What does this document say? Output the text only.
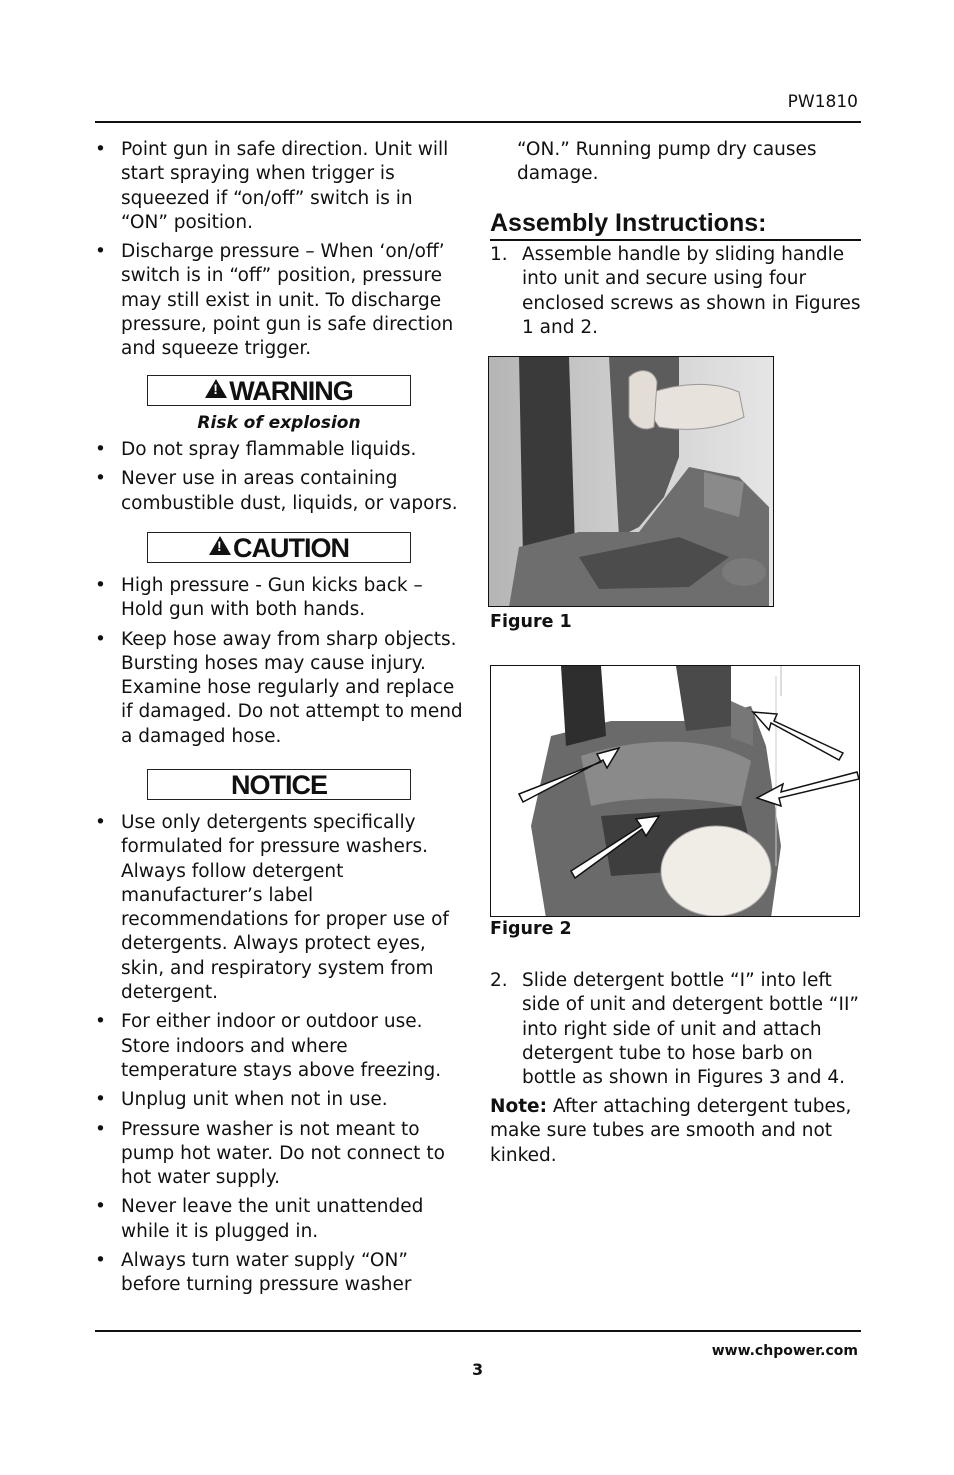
PW1810
• Point gun in safe direction. Unit will start spraying when trigger is squeezed if “on/off” switch is in “ON” position.
• Discharge pressure – When ‘on/off’ switch is in “off” position, pressure may still exist in unit. To discharge pressure, point gun is safe direction and squeeze trigger.
! WARNING
Risk of explosion
• Do not spray flammable liquids.
• Never use in areas containing combustible dust, liquids, or vapors.
! CAUTION
• High pressure - Gun kicks back – Hold gun with both hands.
• Keep hose away from sharp objects. Bursting hoses may cause injury. Examine hose regularly and replace if damaged. Do not attempt to mend a damaged hose.
NOTICE
• Use only detergents specifically formulated for pressure washers. Always follow detergent manufacturer’s label recommendations for proper use of detergents. Always protect eyes, skin, and respiratory system from detergent.
• For either indoor or outdoor use. Store indoors and where temperature stays above freezing.
• Unplug unit when not in use.
• Pressure washer is not meant to pump hot water. Do not connect to hot water supply.
• Never leave the unit unattended while it is plugged in.
• Always turn water supply “ON” before turning pressure washer
“ON.” Running pump dry causes damage.
Assembly Instructions:
1. Assemble handle by sliding handle into unit and secure using four enclosed screws as shown in Figures 1 and 2.
Figure 1
Figure 2
2. Slide detergent bottle “I” into left side of unit and detergent bottle “II” into right side of unit and attach detergent tube to hose barb on bottle as shown in Figures 3 and 4.
Note: After attaching detergent tubes, make sure tubes are smooth and not kinked.
www.chpower.com
3
